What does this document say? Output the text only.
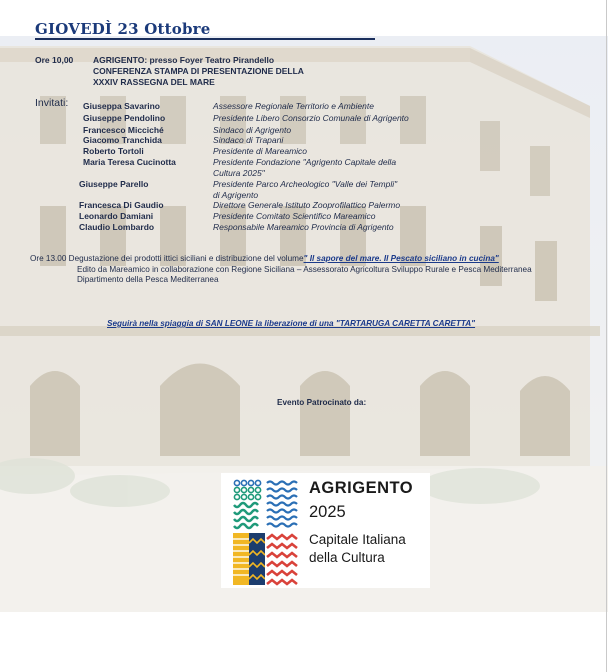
GIOVEDÌ 23 Ottobre
Ore 10,00 AGRIGENTO: presso Foyer Teatro Pirandello
CONFERENZA STAMPA DI PRESENTAZIONE DELLA
XXXIV RASSEGNA DEL MARE
Invitati: Giuseppa Savarino	Assessore Regionale Territorio e Ambiente
Giuseppe Pendolino	Presidente Libero Consorzio Comunale di Agrigento
Francesco Micciché	Sindaco di Agrigento
Giacomo Tranchida	Sindaco di Trapani
Roberto Tortoli	Presidente di Mareamico
Maria Teresa Cucinotta	Presidente Fondazione "Agrigento Capitale della
Cultura 2025"
Giuseppe Parello	Presidente Parco Archeologico "Valle dei Templi"
di Agrigento
Francesca Di Gaudio	Direttore Generale Istituto Zooprofilattico Palermo
Leonardo Damiani	Presidente Comitato Scientifico Mareamico
Claudio Lombardo	Responsabile Mareamico Provincia di Agrigento
Ore 13.00 Degustazione dei prodotti ittici siciliani e distribuzione del volume" Il sapore del mare. Il Pescato siciliano in cucina"
Edito da Mareamico in collaborazione con Regione Siciliana – Assessorato Agricoltura Sviluppo Rurale e Pesca Mediterranea
Dipartimento della Pesca Mediterranea
Seguirà nella spiaggia di SAN LEONE la liberazione di una "TARTARUGA CARETTA CARETTA"
Evento Patrocinato da:
AGRIGENTO
2025
Capitale Italiana
della Cultura
